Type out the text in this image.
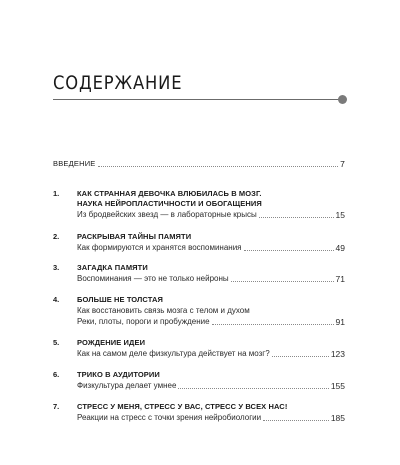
СОДЕРЖАНИЕ
ВВЕДЕНИЕ	7
1. КАК СТРАННАЯ ДЕВОЧКА ВЛЮБИЛАСЬ В МОЗГ.
НАУКА НЕЙРОПЛАСТИЧНОСТИ И ОБОГАЩЕНИЯ
Из бродвейских звезд — в лабораторные крысы	15
2. РАСКРЫВАЯ ТАЙНЫ ПАМЯТИ
Как формируются и хранятся воспоминания	49
3. ЗАГАДКА ПАМЯТИ
Воспоминания — это не только нейроны	71
4. БОЛЬШЕ НЕ ТОЛСТАЯ
Как восстановить связь мозга с телом и духом
Реки, плоты, пороги и пробуждение	91
5. РОЖДЕНИЕ ИДЕИ
Как на самом деле физкультура действует на мозг?	123
6. ТРИКО В АУДИТОРИИ
Физкультура делает умнее	155
7. СТРЕСС У МЕНЯ, СТРЕСС У ВАС, СТРЕСС У ВСЕХ НАС!
Реакции на стресс с точки зрения нейробиологии	185
